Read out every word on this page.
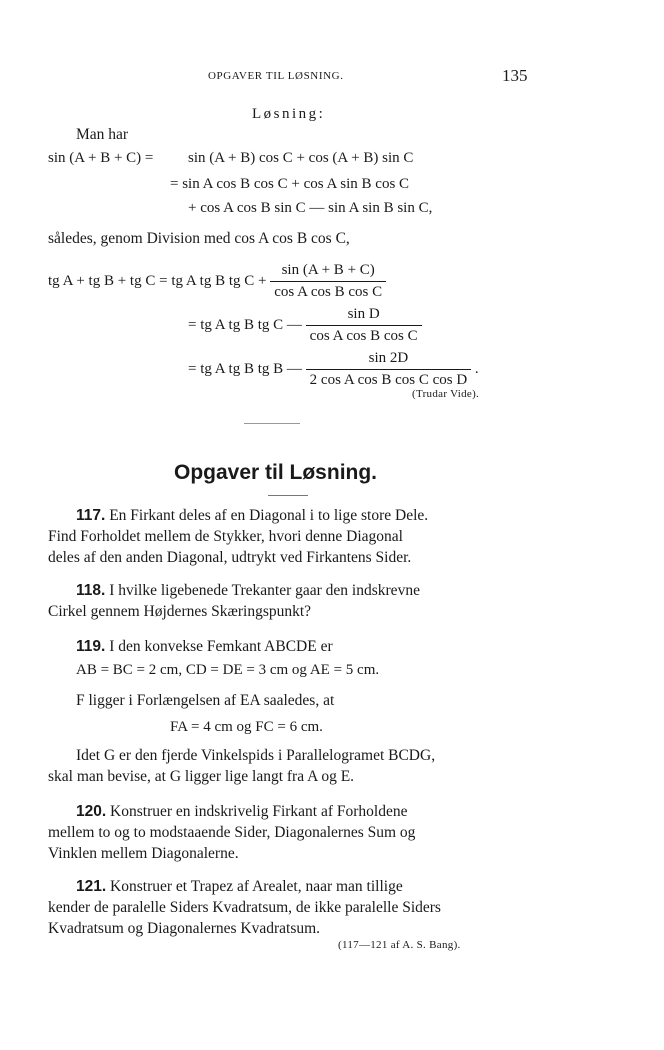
OPGAVER TIL LØSNING.	135
Løsning:
Man har
sin (A + B + C) = sin (A + B) cos C + cos (A + B) sin C
= sin A cos B cos C + cos A sin B cos C
+ cos A cos B sin C — sin A sin B sin C,
således, genom Division med cos A cos B cos C,
tg A + tg B + tg C = tg A tg B tg $C + \frac{\sin (A + B + C)}{\text{cos A cos B cos C}}$
= tg A tg B tg C — $\frac{\text{sin D}}{\text{cos A cos B cos C}}$
= tg A tg B tg B — $\frac{\sin 2D}{\text{2 cos A cos B cos C cos D}}$ .
(Trudar Vide).
Opgaver til Løsning.
117. En Firkant deles af en Diagonal i to lige store Dele.
Find Forholdet mellem de Stykker, hvori denne Diagonal
deles af den anden Diagonal, udtrykt ved Firkantens Sider.
118. I hvilke ligebenede Trekanter gaar den indskrevne
Cirkel gennem Højdernes Skæringspunkt?
119. I den konvekse Femkant ABCDE er
AB = BC = 2 cm, CD = DE = 3 cm og AE = 5 cm.
F ligger i Forlængelsen af EA saaledes, at
FA = 4 cm og FC = 6 cm.
Idet G er den fjerde Vinkelspids i Parallelogramet BCDG,
skal man bevise, at G ligger lige langt fra A og E.
120. Konstruer en indskrivelig Firkant af Forholdene
mellem to og to modstaaende Sider, Diagonalernes Sum og
Vinklen mellem Diagonalerne.
121. Konstruer et Trapez af Arealet, naar man tillige
kender de paralelle Siders Kvadratsum, de ikke paralelle Siders
Kvadratsum og Diagonalernes Kvadratsum.
(117—121 af A. S. Bang).
